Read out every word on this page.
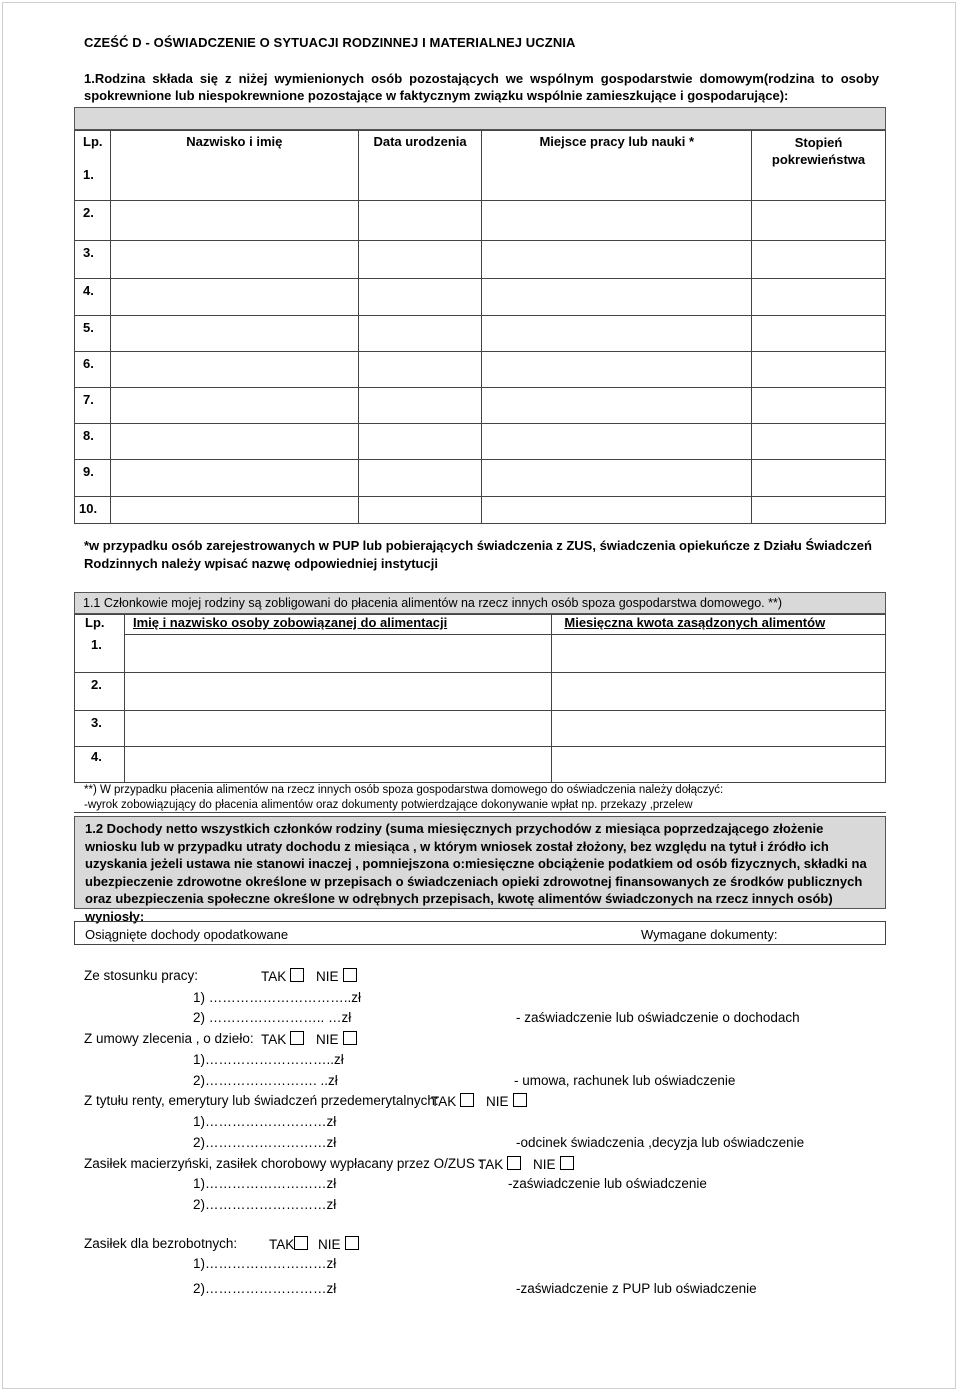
CZEŚĆ D - OŚWIADCZENIE O SYTUACJI RODZINNEJ I MATERIALNEJ UCZNIA
1.Rodzina składa się z niżej wymienionych osób pozostających we wspólnym gospodarstwie domowym(rodzina to osoby spokrewnione lub niespokrewnione pozostające w faktycznym związku wspólnie zamieszkujące i gospodarujące):
Lp.	Nazwisko i imię	Data urodzenia	Miejsce pracy lub nauki *	Stopień pokrewieństwa
1.				
2.				
3.				
4.				
5.				
6.				
7.				
8.				
9.				
10.				
*w przypadku osób zarejestrowanych w PUP lub pobierających świadczenia z ZUS, świadczenia opiekuńcze z Działu Świadczeń Rodzinnych należy wpisać nazwę odpowiedniej instytucji
1.1 Członkowie mojej rodziny są zobligowani do płacenia alimentów na rzecz innych osób spoza gospodarstwa domowego. **)
Lp.	Imię i nazwisko osoby zobowiązanej do alimentacji	Miesięczna kwota zasądzonych alimentów
1.		
2.		
3.		
4.		
**) W przypadku płacenia alimentów na rzecz innych osób spoza gospodarstwa domowego do oświadczenia należy dołączyć:
-wyrok zobowiązujący do płacenia alimentów oraz dokumenty potwierdzające dokonywanie wpłat np. przekazy ,przelew
1.2 Dochody netto wszystkich członków rodziny (suma miesięcznych przychodów z miesiąca poprzedzającego złożenie wniosku lub w przypadku utraty dochodu z miesiąca , w którym wniosek został złożony, bez względu na tytuł i źródło ich uzyskania jeżeli ustawa nie stanowi inaczej , pomniejszona o:miesięczne obciążenie podatkiem od osób fizycznych, składki na ubezpieczenie zdrowotne określone w przepisach o świadczeniach opieki zdrowotnej finansowanych ze środków publicznych oraz ubezpieczenia społeczne określone w odrębnych przepisach, kwotę alimentów świadczonych na rzecz innych osób) wyniosły:
Osiągnięte dochody opodatkowane	Wymagane dokumenty:
Ze stosunku pracy:	TAK NIE
1) …………………………..zł
2) …………………….. …zł	- zaświadczenie lub oświadczenie o dochodach
Z umowy zlecenia , o dzieło: TAK NIE
1)………………………..zł
2)……………………. ..zł	- umowa, rachunek lub oświadczenie
Z tytułu renty, emerytury lub świadczeń przedemerytalnych:
TAK NIE
1)………………………zł
2)………………………zł	-odcinek świadczenia ,decyzja lub oświadczenie
Zasiłek macierzyński, zasiłek chorobowy wypłacany przez O/ZUS :
TAK NIE
1)………………………zł	-zaświadczenie lub oświadczenie
2)………………………zł
Zasiłek dla bezrobotnych: TAK NIE
1)………………………zł
2)………………………zł	-zaświadczenie z PUP lub oświadczenie
